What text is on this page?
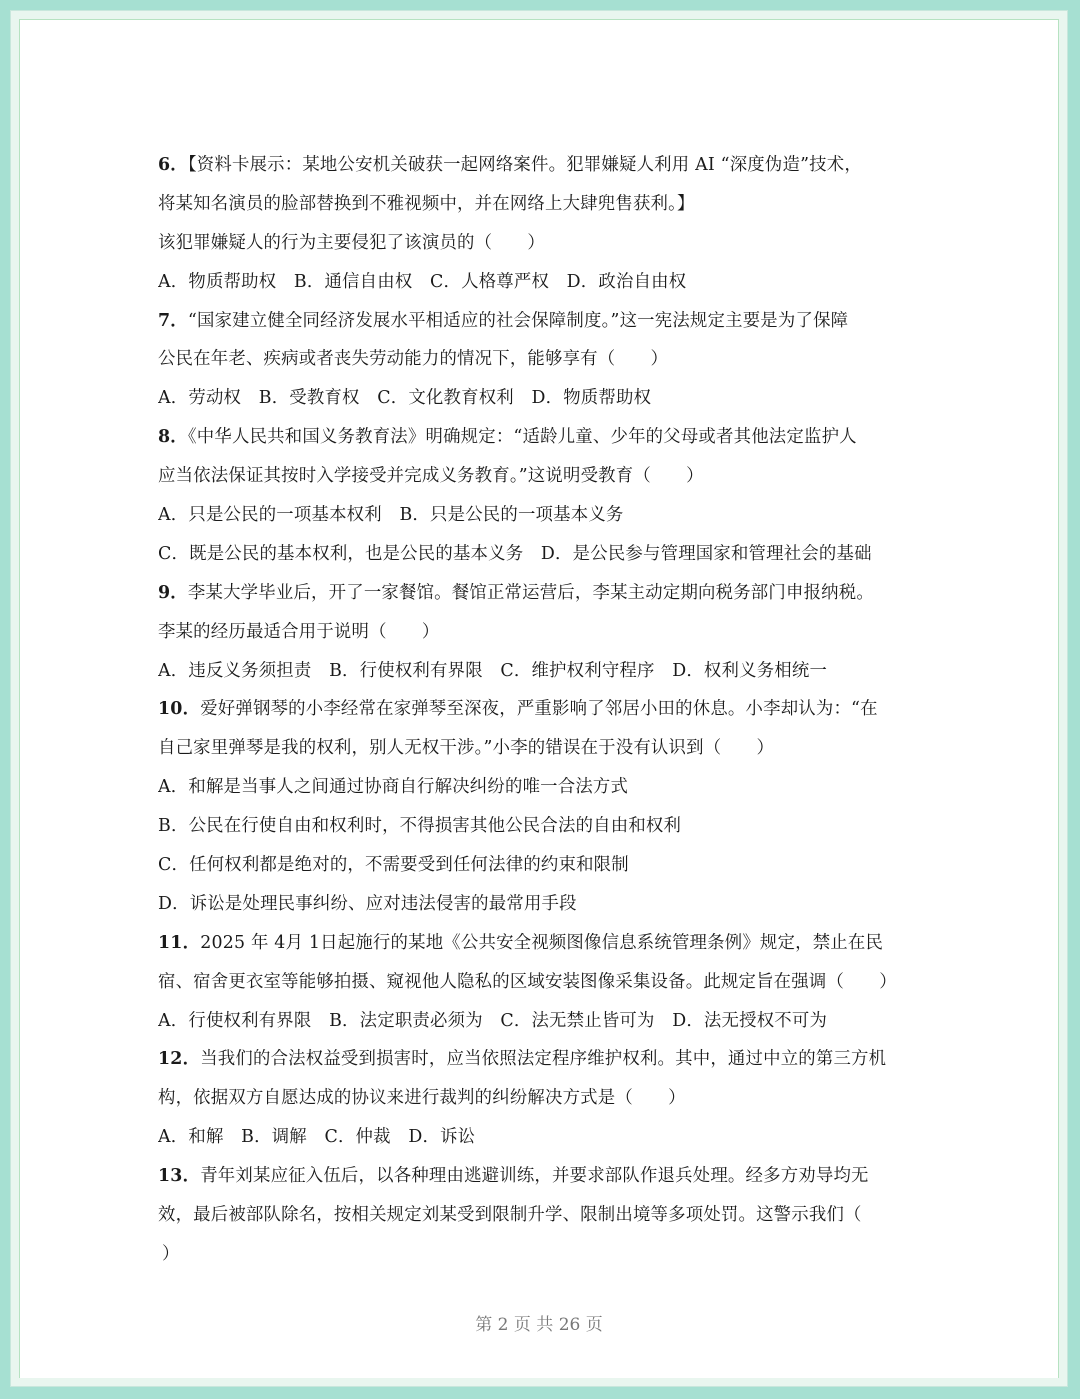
6．【资料卡展示：某地公安机关破获一起网络案件。犯罪嫌疑人利用 AI “深度伪造”技术，
将某知名演员的脸部替换到不雅视频中，并在网络上大肆兜售获利。】
该犯罪嫌疑人的行为主要侵犯了该演员的（　　）
A．物质帮助权　B．通信自由权　C．人格尊严权　D．政治自由权
7．“国家建立健全同经济发展水平相适应的社会保障制度。”这一宪法规定主要是为了保障
公民在年老、疾病或者丧失劳动能力的情况下，能够享有（　　）
A．劳动权　B．受教育权　C．文化教育权利　D．物质帮助权
8．《中华人民共和国义务教育法》明确规定：“适龄儿童、少年的父母或者其他法定监护人
应当依法保证其按时入学接受并完成义务教育。”这说明受教育（　　）
A．只是公民的一项基本权利　B．只是公民的一项基本义务
C．既是公民的基本权利，也是公民的基本义务　D．是公民参与管理国家和管理社会的基础
9．李某大学毕业后，开了一家餐馆。餐馆正常运营后，李某主动定期向税务部门申报纳税。
李某的经历最适合用于说明（　　）
A．违反义务须担责　B．行使权利有界限　C．维护权利守程序　D．权利义务相统一
10．爱好弹钢琴的小李经常在家弹琴至深夜，严重影响了邻居小田的休息。小李却认为：“在
自己家里弹琴是我的权利，别人无权干涉。”小李的错误在于没有认识到（　　）
A．和解是当事人之间通过协商自行解决纠纷的唯一合法方式
B．公民在行使自由和权利时，不得损害其他公民合法的自由和权利
C．任何权利都是绝对的，不需要受到任何法律的约束和限制
D．诉讼是处理民事纠纷、应对违法侵害的最常用手段
11．2025 年 4月 1日起施行的某地《公共安全视频图像信息系统管理条例》规定，禁止在民
宿、宿舍更衣室等能够拍摄、窥视他人隐私的区域安装图像采集设备。此规定旨在强调（　　）
A．行使权利有界限　B．法定职责必须为　C．法无禁止皆可为　D．法无授权不可为
12．当我们的合法权益受到损害时，应当依照法定程序维护权利。其中，通过中立的第三方机
构，依据双方自愿达成的协议来进行裁判的纠纷解决方式是（　　）
A．和解　B．调解　C．仲裁　D．诉讼
13．青年刘某应征入伍后，以各种理由逃避训练，并要求部队作退兵处理。经多方劝导均无
效，最后被部队除名，按相关规定刘某受到限制升学、限制出境等多项处罚。这警示我们（
）
第 2 页 共 26 页
